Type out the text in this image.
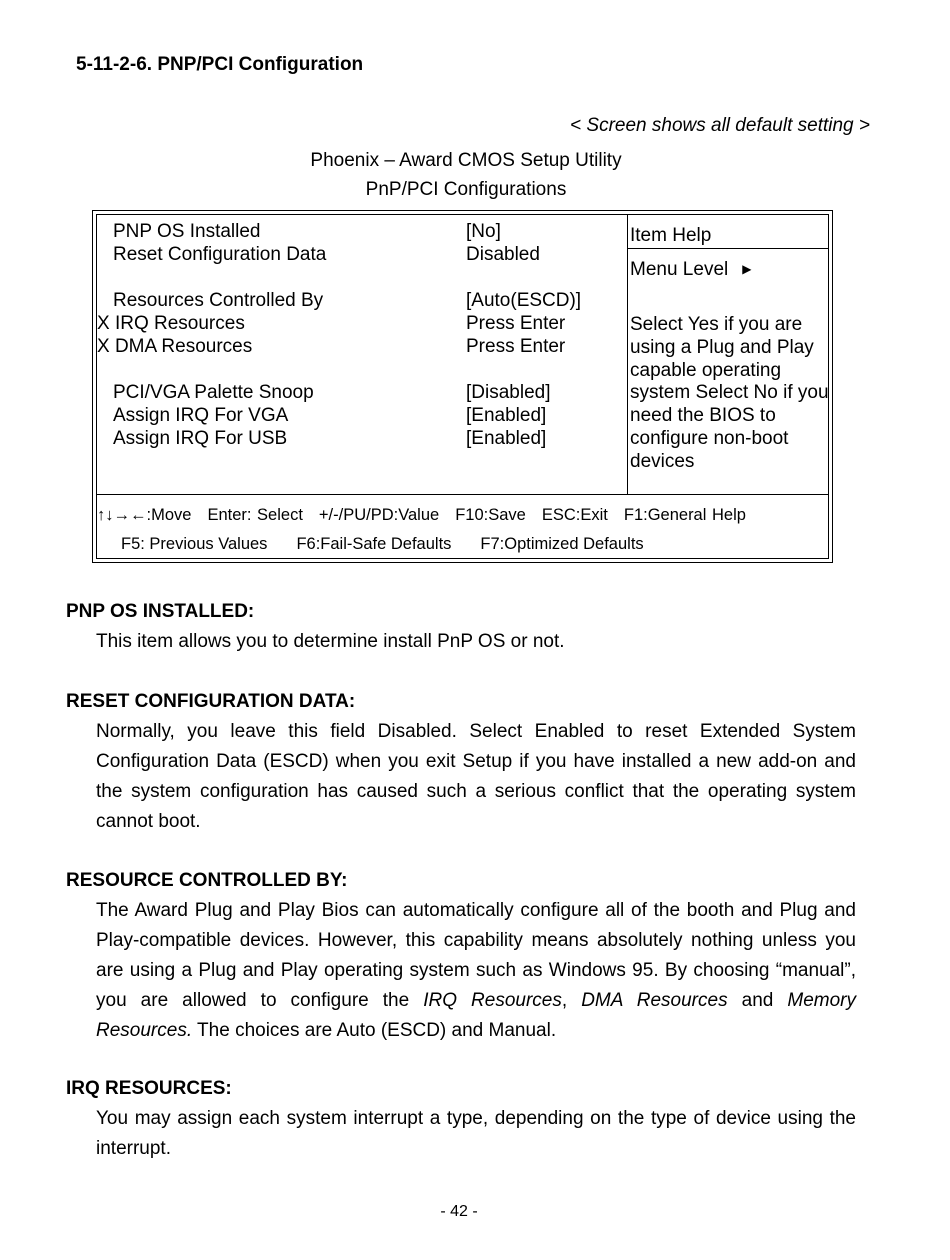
5-11-2-6. PNP/PCI Configuration
< Screen shows all default setting >
Phoenix – Award CMOS Setup Utility
PnP/PCI Configurations
PNP OS Installed	[No]
Reset Configuration Data	Disabled
Resources Controlled By	[Auto(ESCD)]
X IRQ Resources	Press Enter
X DMA Resources	Press Enter
PCI/VGA Palette Snoop	[Disabled]
Assign IRQ For VGA	[Enabled]
Assign IRQ For USB	[Enabled]
Item Help
Menu Level ▶
Select Yes if you are using a Plug and Play capable operating system Select No if you need the BIOS to configure non-boot devices
↑↓→←:Move Enter: Select +/-/PU/PD:Value F10:Save ESC:Exit F1:General Help
F5: Previous Values F6:Fail-Safe Defaults F7:Optimized Defaults
PNP OS INSTALLED:
This item allows you to determine install PnP OS or not.
RESET CONFIGURATION DATA:
Normally, you leave this field Disabled. Select Enabled to reset Extended System Configuration Data (ESCD) when you exit Setup if you have installed a new add-on and the system configuration has caused such a serious conflict that the operating system cannot boot.
RESOURCE CONTROLLED BY:
The Award Plug and Play Bios can automatically configure all of the booth and Plug and Play-compatible devices. However, this capability means absolutely nothing unless you are using a Plug and Play operating system such as Windows 95. By choosing “manual”, you are allowed to configure the IRQ Resources, DMA Resources and Memory Resources. The choices are Auto (ESCD) and Manual.
IRQ RESOURCES:
You may assign each system interrupt a type, depending on the type of device using the interrupt.
- 42 -
